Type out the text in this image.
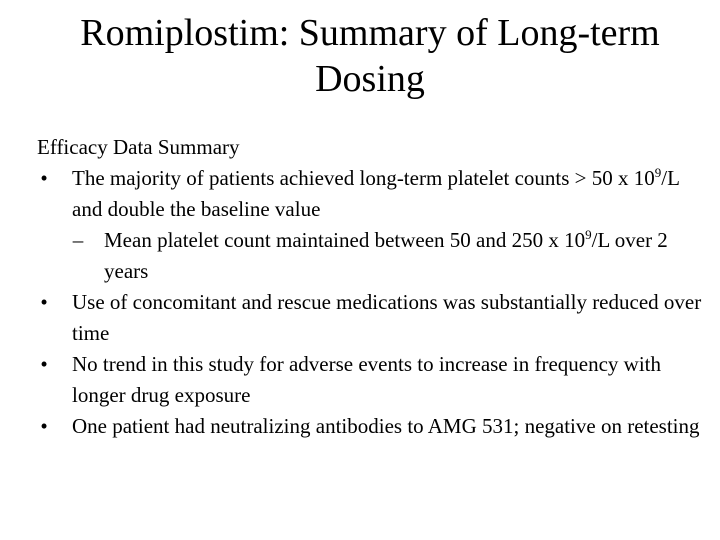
Romiplostim: Summary of Long-term
Dosing
Efficacy Data Summary
• The majority of patients achieved long-term platelet counts > 50 x $10^9/L$ and double the baseline value
– Mean platelet count maintained between 50 and 250 x $10^9/L$ over 2 years
• Use of concomitant and rescue medications was substantially reduced over time
• No trend in this study for adverse events to increase in frequency with longer drug exposure
• One patient had neutralizing antibodies to AMG 531; negative on retesting
